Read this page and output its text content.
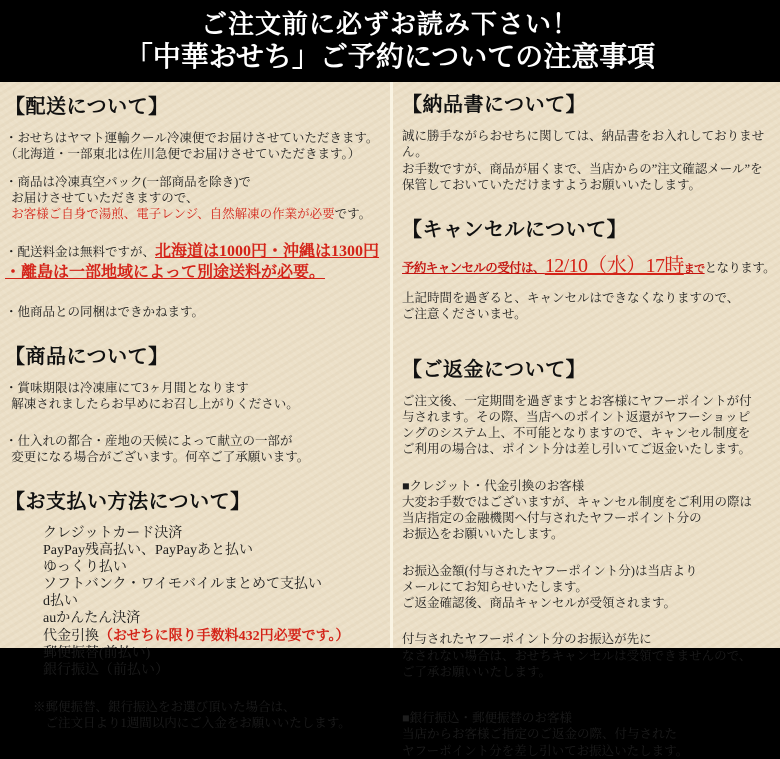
ご注文前に必ずお読み下さい！
「中華おせち」ご予約についての注意事項
【配送について】
・おせちはヤマト運輸クール冷凍便でお届けさせていただきます。
（北海道・一部東北は佐川急便でお届けさせていただきます。）
・商品は冷凍真空パック(一部商品を除き)で
お届けさせていただきますので、
お客様ご自身で湯煎、電子レンジ、自然解凍の作業が必要です。
・配送料金は無料ですが、北海道は1000円・沖縄は1300円
・離島は一部地域によって別途送料が必要。
・他商品との同梱はできかねます。
【商品について】
・賞味期限は冷凍庫にて3ヶ月間となります
解凍されましたらお早めにお召し上がりください。
・仕入れの都合・産地の天候によって献立の一部が
変更になる場合がございます。何卒ご了承願います。
【お支払い方法について】
クレジットカード決済
PayPay残高払い、PayPayあと払い
ゆっくり払い
ソフトバンク・ワイモバイルまとめて支払い
d払い
auかんたん決済
代金引換（おせちに限り手数料432円必要です。）
郵便振替(前払い)
銀行振込（前払い）
※郵便振替、銀行振込をお選び頂いた場合は、
　ご注文日より1週間以内にご入金をお願いいたします。
【納品書について】
誠に勝手ながらおせちに関しては、納品書をお入れしておりません。
お手数ですが、商品が届くまで、当店からの”注文確認メール”を
保管しておいていただけますようお願いいたします。
【キャンセルについて】
予約キャンセルの受付は、12/10（水）17時までとなります。
上記時間を過ぎると、キャンセルはできなくなりますので、
ご注意くださいませ。
【ご返金について】
ご注文後、一定期間を過ぎますとお客様にヤフーポイントが付
与されます。その際、当店へのポイント返還がヤフーショッピ
ングのシステム上、不可能となりますので、キャンセル制度を
ご利用の場合は、ポイント分は差し引いてご返金いたします。
■クレジット・代金引換のお客様
大変お手数ではございますが、キャンセル制度をご利用の際は
当店指定の金融機関へ付与されたヤフーポイント分の
お振込をお願いいたします。
お振込金額(付与されたヤフーポイント分)は当店より
メールにてお知らせいたします。
ご返金確認後、商品キャンセルが受領されます。
付与されたヤフーポイント分のお振込が先に
なされない場合は、おせちキャンセルは受領できませんので、
ご了承お願いいたします。
■銀行振込・郵便振替のお客様
当店からお客様ご指定のご返金の際、付与された
ヤフーポイント分を差し引いてお振込いたします。
